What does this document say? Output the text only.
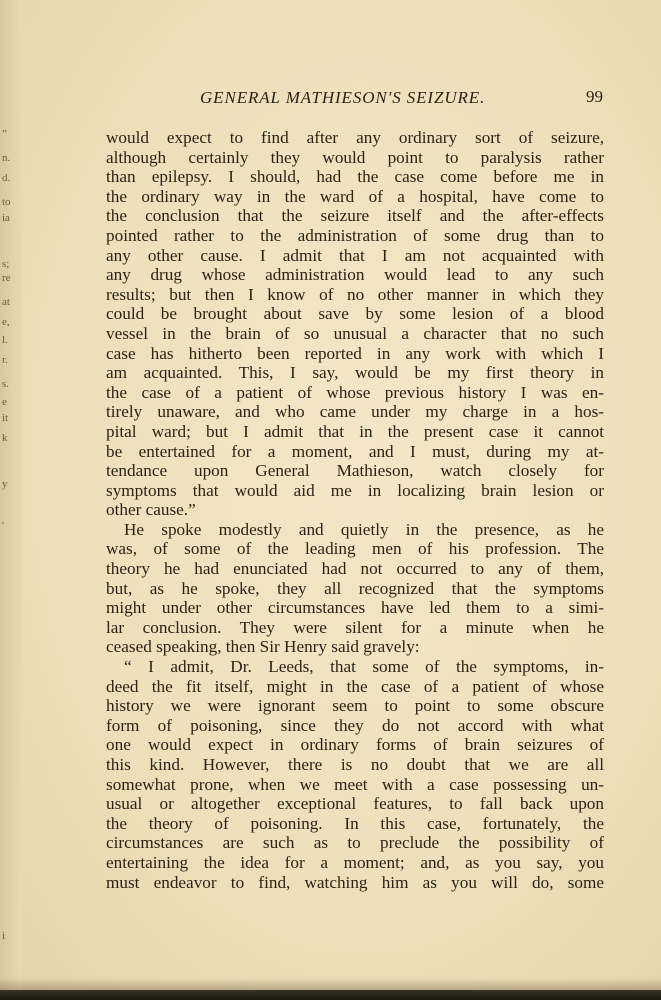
”
n.
d.
to
ia
s;
re
at
e,
l.
r.
s.
e
it
k
y
'
i
GENERAL MATHIESON'S SEIZURE.	99
would expect to find after any ordinary sort of seizure,
although certainly they would point to paralysis rather
than epilepsy. I should, had the case come before me in
the ordinary way in the ward of a hospital, have come to
the conclusion that the seizure itself and the after-effects
pointed rather to the administration of some drug than to
any other cause. I admit that I am not acquainted with
any drug whose administration would lead to any such
results; but then I know of no other manner in which they
could be brought about save by some lesion of a blood
vessel in the brain of so unusual a character that no such
case has hitherto been reported in any work with which I
am acquainted. This, I say, would be my first theory in
the case of a patient of whose previous history I was en-
tirely unaware, and who came under my charge in a hos-
pital ward; but I admit that in the present case it cannot
be entertained for a moment, and I must, during my at-
tendance upon General Mathieson, watch closely for
symptoms that would aid me in localizing brain lesion or
other cause.”
He spoke modestly and quietly in the presence, as he
was, of some of the leading men of his profession. The
theory he had enunciated had not occurred to any of them,
but, as he spoke, they all recognized that the symptoms
might under other circumstances have led them to a simi-
lar conclusion. They were silent for a minute when he
ceased speaking, then Sir Henry said gravely:
“ I admit, Dr. Leeds, that some of the symptoms, in-
deed the fit itself, might in the case of a patient of whose
history we were ignorant seem to point to some obscure
form of poisoning, since they do not accord with what
one would expect in ordinary forms of brain seizures of
this kind. However, there is no doubt that we are all
somewhat prone, when we meet with a case possessing un-
usual or altogether exceptional features, to fall back upon
the theory of poisoning. In this case, fortunately, the
circumstances are such as to preclude the possibility of
entertaining the idea for a moment; and, as you say, you
must endeavor to find, watching him as you will do, some
